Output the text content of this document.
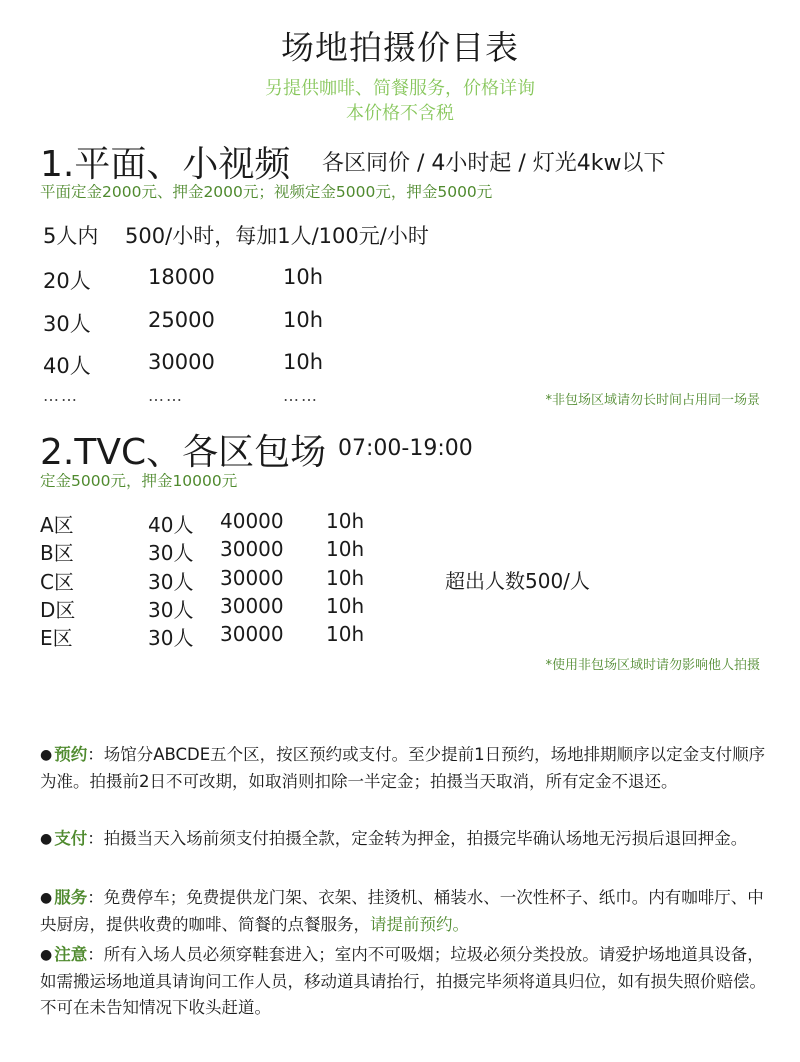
场地拍摄价目表
另提供咖啡、简餐服务，价格详询
本价格不含税
1.平面、小视频 各区同价 / 4小时起 / 灯光4kw以下
平面定金2000元、押金2000元；视频定金5000元，押金5000元
5人内    500/小时，每加1人/100元/小时
20人	18000	10h
30人	25000	10h
40人	30000	10h
……	……	……	*非包场区域请勿长时间占用同一场景
2.TVC、各区包场 07:00-19:00
定金5000元，押金10000元
A区	40人 40000 10h
B区	30人 30000 10h
C区	30人 30000 10h
D区	30人 30000 10h
E区	30人 30000 10h
超出人数500/人
*使用非包场区域时请勿影响他人拍摄
● 预约：场馆分ABCDE五个区，按区预约或支付。至少提前1日预约，场地排期顺序以定金支付顺序为准。拍摄前2日不可改期，如取消则扣除一半定金；拍摄当天取消，所有定金不退还。
● 支付：拍摄当天入场前须支付拍摄全款，定金转为押金，拍摄完毕确认场地无污损后退回押金。
● 服务：免费停车；免费提供龙门架、衣架、挂烫机、桶装水、一次性杯子、纸巾。内有咖啡厅、中央厨房，提供收费的咖啡、简餐的点餐服务，请提前预约。
● 注意：所有入场人员必须穿鞋套进入；室内不可吸烟；垃圾必须分类投放。请爱护场地道具设备，如需搬运场地道具请询问工作人员，移动道具请抬行，拍摄完毕须将道具归位，如有损失照价赔偿。不可在未告知情况下收头赶道。
